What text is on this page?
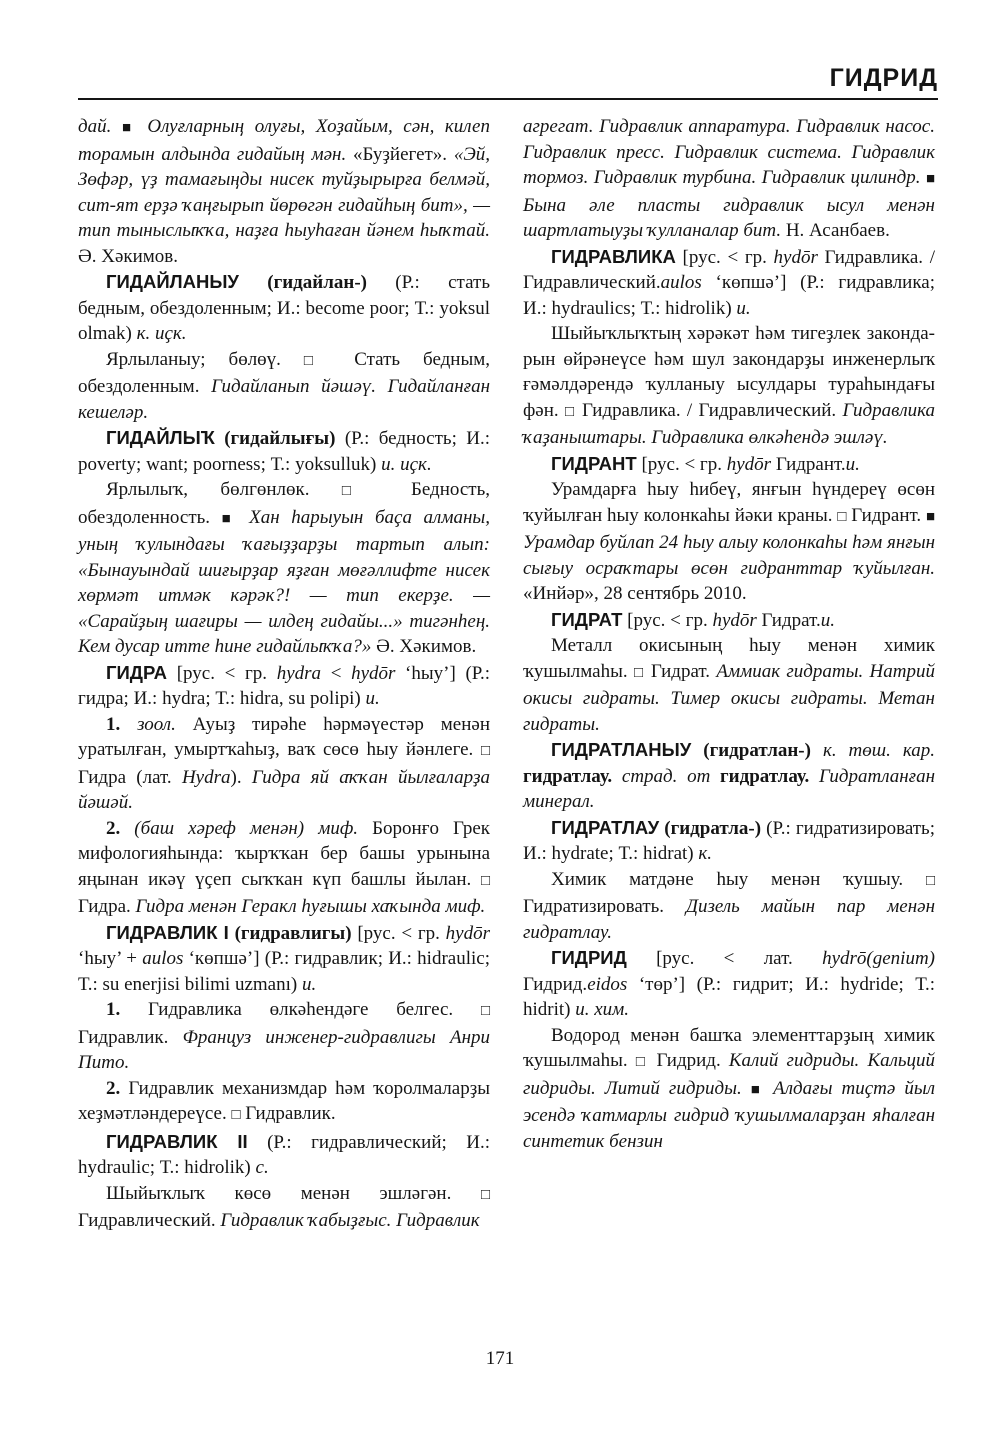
ГИДРИД

дай. ■ Олуғларның олуғы, Хоҙайым, сән, килеп торамын алдында гидайың мән. «Буҙйегет». «Эй, Зөфәр, үҙ тамағыңды нисек туйҙырырға белмәй, сит-ят ерҙә ҡаңғырып йөрөгән гидайһың бит», — тип тыныслыҡҡа, наҙға һыуһаған йәнем һыҡтай. Ә. Хәкимов.

ГИДАЙЛАНЫУ (гидайлан-) (Р.: стать бедным, обездоленным; И.: become poor; Т.: yoksul olmak) к. иҫк.

Ярлыланыу; бөлөү. □ Стать бедным, обездоленным. Гидайланып йәшәү. Гидайланған кешеләр.

ГИДАЙЛЫҠ (гидайлығы) (Р.: бедность; И.: poverty; want; poorness; Т.: yoksulluk) и. иҫк.

Ярлылыҡ, бөлгөнлөк. □ Бедность, обездоленность. ■ Хан һарыуын баҫа алманы, уның ҡулындағы ҡағыҙҙарҙы тартып алып: «Бынауындай шиғырҙар яҙған мөғәллифте нисек хөрмәт итмәк кәрәк?! — тип екерҙе. — «Сарайҙың шағиры — илдең гидайы...» тигәнһең. Кем дусар итте һине гидайлыҡҡа?» Ә. Хәкимов.

ГИДРА [рус. < гр. hydra < hydōr ‘һыу’] (Р.: гидра; И.: hydra; Т.: hidra, su polipi) и.

1. зоол. Ауыҙ тирәһе һәрмәүестәр менән уратылған, умыртҡаһыҙ, ваҡ сөсө һыу йәнлеге. □ Гидра (лат. Hydra). Гидра яй аҡҡан йылғаларҙа йәшәй.

2. (баш хәреф менән) миф. Боронғо Грек мифологияһында: ҡырҡҡан бер башы урынына яңынан икәү үҫеп сыҡҡан күп башлы йылан. □ Гидра. Гидра менән Геракл һуғышы хаҡында миф.

ГИДРАВЛИК I (гидравлигы) [рус. < гр. hydōr ‘һыу’ + aulos ‘көпшә’] (Р.: гидравлик; И.: hidraulic; Т.: su enerjisi bilimi uzmanı) и.

1. Гидравлика өлкәһендәге белгес. □ Гидравлик. Француз инженер-гидравлигы Анри Пито.

2. Гидравлик механизмдар һәм ҡоролмаларҙы хеҙмәтләндереүсе. □ Гидравлик.

ГИДРАВЛИК II (Р.: гидравлический; И.: hydraulic; Т.: hidrolik) с.

Шыйыҡлыҡ көсө менән эшләгән. □ Гидравлический. Гидравлик ҡабыҙғыс. Гидравлик

агрегат. Гидравлик аппаратура. Гидравлик насос. Гидравлик пресс. Гидравлик система. Гидравлик тормоз. Гидравлик турбина. Гидравлик цилиндр. ■ Бына әле пласты гидравлик ысул менән шартлатыуҙы ҡулланалар бит. Н. Асанбаев.

ГИДРАВЛИКА [рус. < гр. hydōr Гидравлика. / Гидравлический.aulos ‘көпшә’] (Р.: гидравлика; И.: hydraulics; Т.: hidrolik) и.

Шыйыҡлыҡтың хәрәкәт һәм тигеҙлек закондарын өйрәнеүсе һәм шул закондарҙы инженерлыҡ ғәмәлдәрендә ҡулланыу ысулдары тураһындағы фән. □ Гидравлика. / Гидравлический. Гидравлика ҡаҙаныштары. Гидравлика өлкәһендә эшләү.

ГИДРАНТ [рус. < гр. hydōr Гидрант.и.

Урамдарға һыу һибеү, янғын һүндереү өсөн ҡуйылған һыу колонкаһы йәки краны. □ Гидрант. ■ Урамдар буйлап 24 һыу алыу колонкаһы һәм янғын сығыу осраҡтары өсөн гидранттар ҡуйылған. «Инйәр», 28 сентябрь 2010.

ГИДРАТ [рус. < гр. hydōr Гидрат.и.

Металл окисының һыу менән химик ҡушылмаһы. □ Гидрат. Аммиак гидраты. Натрий окисы гидраты. Тимер окисы гидраты. Метан гидраты.

ГИДРАТЛАНЫУ (гидратлан-) к. төш. кар. гидратлау. страд. от гидратлау. Гидратланған минерал.

ГИДРАТЛАУ (гидратла-) (Р.: гидратизировать; И.: hydrate; Т.: hidrat) к.

Химик матдәне һыу менән ҡушыу. □ Гидратизировать. Дизель майын пар менән гидратлау.

ГИДРИД [рус. < лат. hydrō(genium) Гидрид.eidos ‘төр’] (Р.: гидрит; И.: hydride; Т.: hidrit) и. хим.

Водород менән башҡа элементтарҙың химик ҡушылмаһы. □ Гидрид. Калий гидриды. Кальций гидриды. Литий гидриды. ■ Алдағы тиҫтә йыл эсендә ҡатмарлы гидрид ҡушылмаларҙан яһалған синтетик бензин

171
